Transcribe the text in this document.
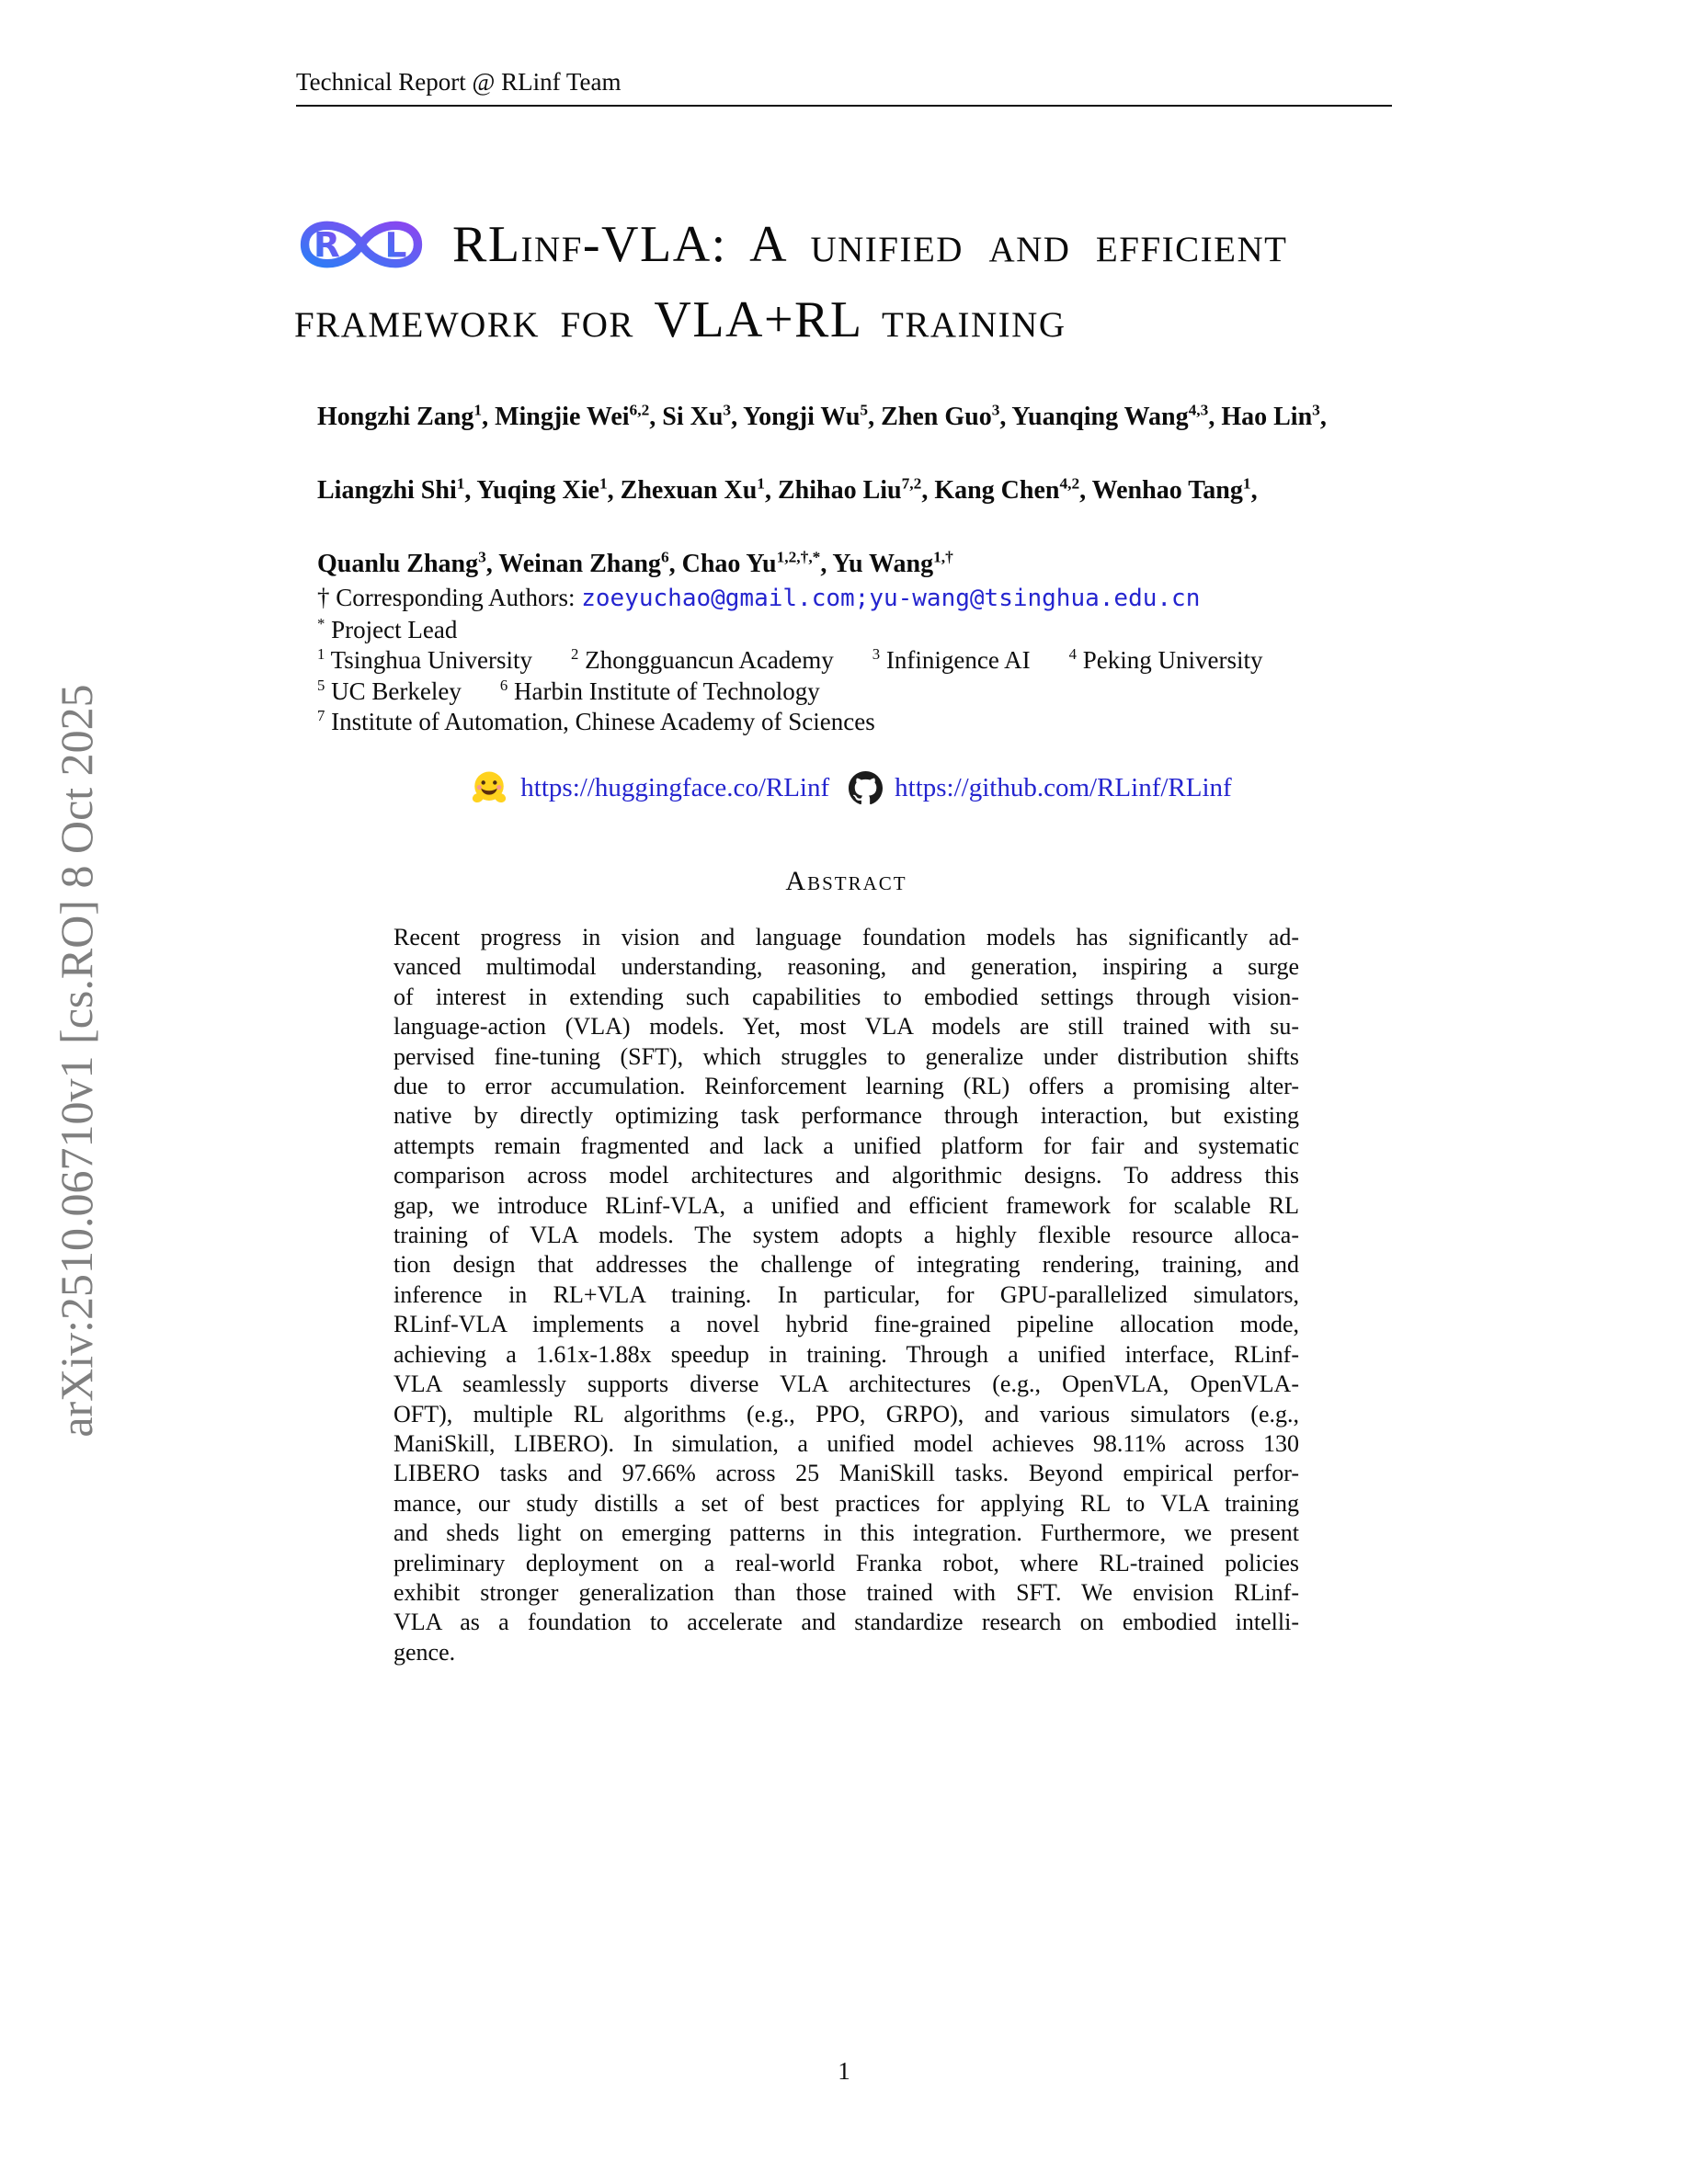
arXiv:2510.06710v1 [cs.RO] 8 Oct 2025
Technical Report @ RLinf Team
R L RLinf-VLA: A unified and efficient
framework for VLA+RL training
Hongzhi Zang$^1$, Mingjie Wei$^{6,2}$, Si Xu$^3$, Yongji Wu$^5$, Zhen Guo$^3$, Yuanqing Wang$^{4,3}$, Hao Lin$^3$,
Liangzhi Shi$^1$, Yuqing Xie$^1$, Zhexuan Xu$^1$, Zhihao Liu$^{7,2}$, Kang Chen$^{4,2}$, Wenhao Tang$^1$,
Quanlu Zhang$^3$, Weinan Zhang$^6$, Chao $Yu^{1,2,\dagger,*}$, Yu Wang$^{1,\dagger}$
† Corresponding Authors: zoeyuchao@gmail.com;yu-wang@tsinghua.edu.cn
* Project Lead
$^1$ Tsinghua University	$^2$ Zhongguancun Academy	$^3$ Infinigence AI	$^4$ Peking University
$^5$ UC Berkeley	$^6$ Harbin Institute of Technology
$^7$ Institute of Automation, Chinese Academy of Sciences
https://huggingface.co/RLinf https://github.com/RLinf/RLinf
Abstract
Recent progress in vision and language foundation models has significantly ad-
vanced multimodal understanding, reasoning, and generation, inspiring a surge
of interest in extending such capabilities to embodied settings through vision-
language-action (VLA) models. Yet, most VLA models are still trained with su-
pervised fine-tuning (SFT), which struggles to generalize under distribution shifts
due to error accumulation. Reinforcement learning (RL) offers a promising alter-
native by directly optimizing task performance through interaction, but existing
attempts remain fragmented and lack a unified platform for fair and systematic
comparison across model architectures and algorithmic designs. To address this
gap, we introduce RLinf-VLA, a unified and efficient framework for scalable RL
training of VLA models. The system adopts a highly flexible resource alloca-
tion design that addresses the challenge of integrating rendering, training, and
inference in RL+VLA training. In particular, for GPU-parallelized simulators,
RLinf-VLA implements a novel hybrid fine-grained pipeline allocation mode,
achieving a 1.61x-1.88x speedup in training. Through a unified interface, RLinf-
VLA seamlessly supports diverse VLA architectures (e.g., OpenVLA, OpenVLA-
OFT), multiple RL algorithms (e.g., PPO, GRPO), and various simulators (e.g.,
ManiSkill, LIBERO). In simulation, a unified model achieves 98.11% across 130
LIBERO tasks and 97.66% across 25 ManiSkill tasks. Beyond empirical perfor-
mance, our study distills a set of best practices for applying RL to VLA training
and sheds light on emerging patterns in this integration. Furthermore, we present
preliminary deployment on a real-world Franka robot, where RL-trained policies
exhibit stronger generalization than those trained with SFT. We envision RLinf-
VLA as a foundation to accelerate and standardize research on embodied intelli-
gence.
1
